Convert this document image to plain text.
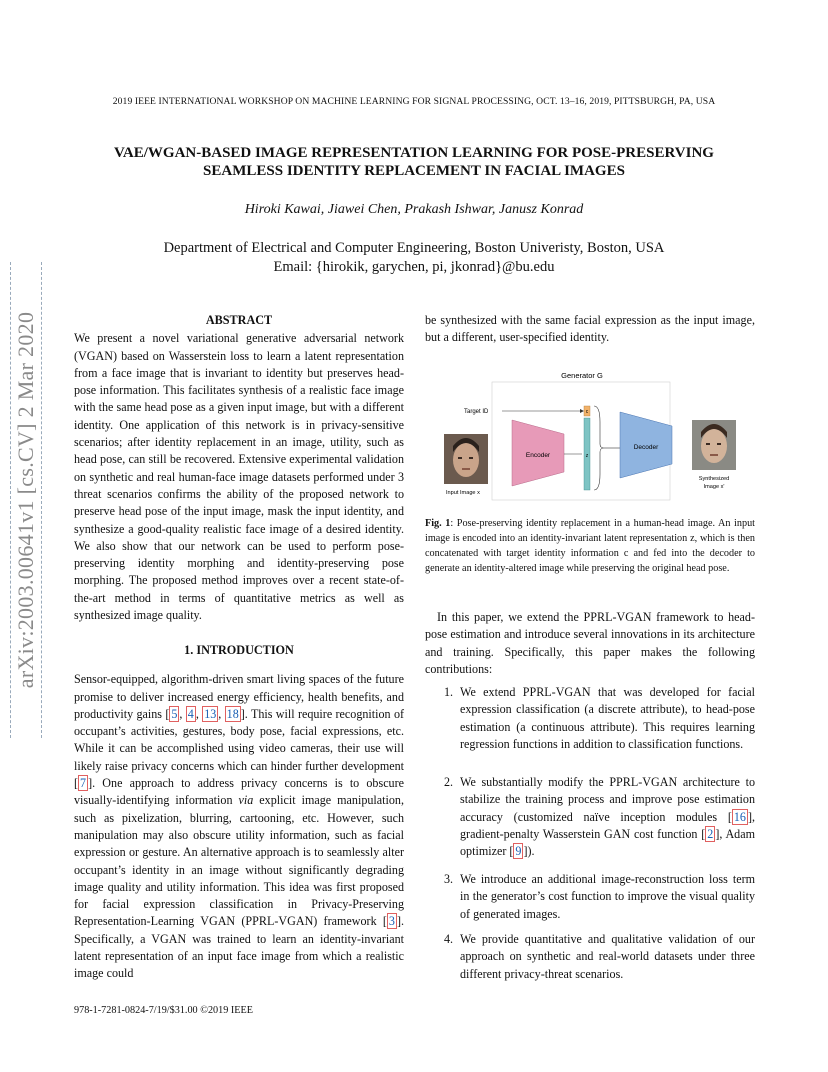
2019 IEEE INTERNATIONAL WORKSHOP ON MACHINE LEARNING FOR SIGNAL PROCESSING, OCT. 13–16, 2019, PITTSBURGH, PA, USA
VAE/WGAN-BASED IMAGE REPRESENTATION LEARNING FOR POSE-PRESERVING
SEAMLESS IDENTITY REPLACEMENT IN FACIAL IMAGES
Hiroki Kawai, Jiawei Chen, Prakash Ishwar, Janusz Konrad
Department of Electrical and Computer Engineering, Boston Univeristy, Boston, USA
Email: {hirokik, garychen, pi, jkonrad}@bu.edu
arXiv:2003.00641v1 [cs.CV] 2 Mar 2020	ABSTRACT

We present a novel variational generative adversarial network (VGAN) based on Wasserstein loss to learn a latent representation from a face image that is invariant to identity but preserves head-pose information. This facilitates synthesis of a realistic face image with the same head pose as a given input image, but with a different identity. One application of this network is in privacy-sensitive scenarios; after identity replacement in an image, utility, such as head pose, can still be recovered. Extensive experimental validation on synthetic and real human-face image datasets performed under 3 threat scenarios confirms the ability of the proposed network to preserve head pose of the input image, mask the input identity, and synthesize a good-quality realistic face image of a desired identity. We also show that our network can be used to perform pose-preserving identity morphing and identity-preserving pose morphing. The proposed method improves over a recent state-of-the-art method in terms of quantitative metrics as well as synthesized image quality.

1. INTRODUCTION

Sensor-equipped, algorithm-driven smart living spaces of the future promise to deliver increased energy efficiency, health benefits, and productivity gains [ 5 , 4 , 13 , 18 ]. This will require recognition of occupant’s activities, gestures, body pose, facial expressions, etc. While it can be accomplished using video cameras, their use will likely raise privacy concerns which can hinder further development [ 7 ]. One approach to address privacy concerns is to obscure visually-identifying information via explicit image manipulation, such as pixelization, blurring, cartooning, etc. However, such manipulation may also obscure utility information, such as facial expression or gesture. An alternative approach is to seamlessly alter occupant’s identity in an image without significantly degrading image quality and utility information. This idea was first proposed for facial expression classification in Privacy-Preserving Representation-Learning VGAN (PPRL-VGAN) framework [ 3 ]. Specifically, a VGAN was trained to learn an identity-invariant latent representation of an input face image from which a realistic image could

be synthesized with the same facial expression as the input image, but a different, user-specified identity.
Generator G
Target ID
Input Image x
Encoder
c
z
Decoder
Synthesized
Image x'
Fig. 1: Pose-preserving identity replacement in a human-head image. An input image is encoded into an identity-invariant latent representation z, which is then concatenated with target identity information c and fed into the decoder to generate an identity-altered image while preserving the original head pose.
In this paper, we extend the PPRL-VGAN framework to head-pose estimation and introduce several innovations in its architecture and training. Specifically, this paper makes the following contributions:
1. We extend PPRL-VGAN that was developed for facial expression classification (a discrete attribute), to head-pose estimation (a continuous attribute). This requires learning regression functions in addition to classification functions.
2. We substantially modify the PPRL-VGAN architecture to stabilize the training process and improve pose estimation accuracy (customized naïve inception modules [ 16 ], gradient-penalty Wasserstein GAN cost function [ 2 ], Adam optimizer [ 9 ]).
3. We introduce an additional image-reconstruction loss term in the generator’s cost function to improve the visual quality of generated images.
4. We provide quantitative and qualitative validation of our approach on synthetic and real-world datasets under three different privacy-threat scenarios.
978-1-7281-0824-7/19/$31.00 ©2019 IEEE
